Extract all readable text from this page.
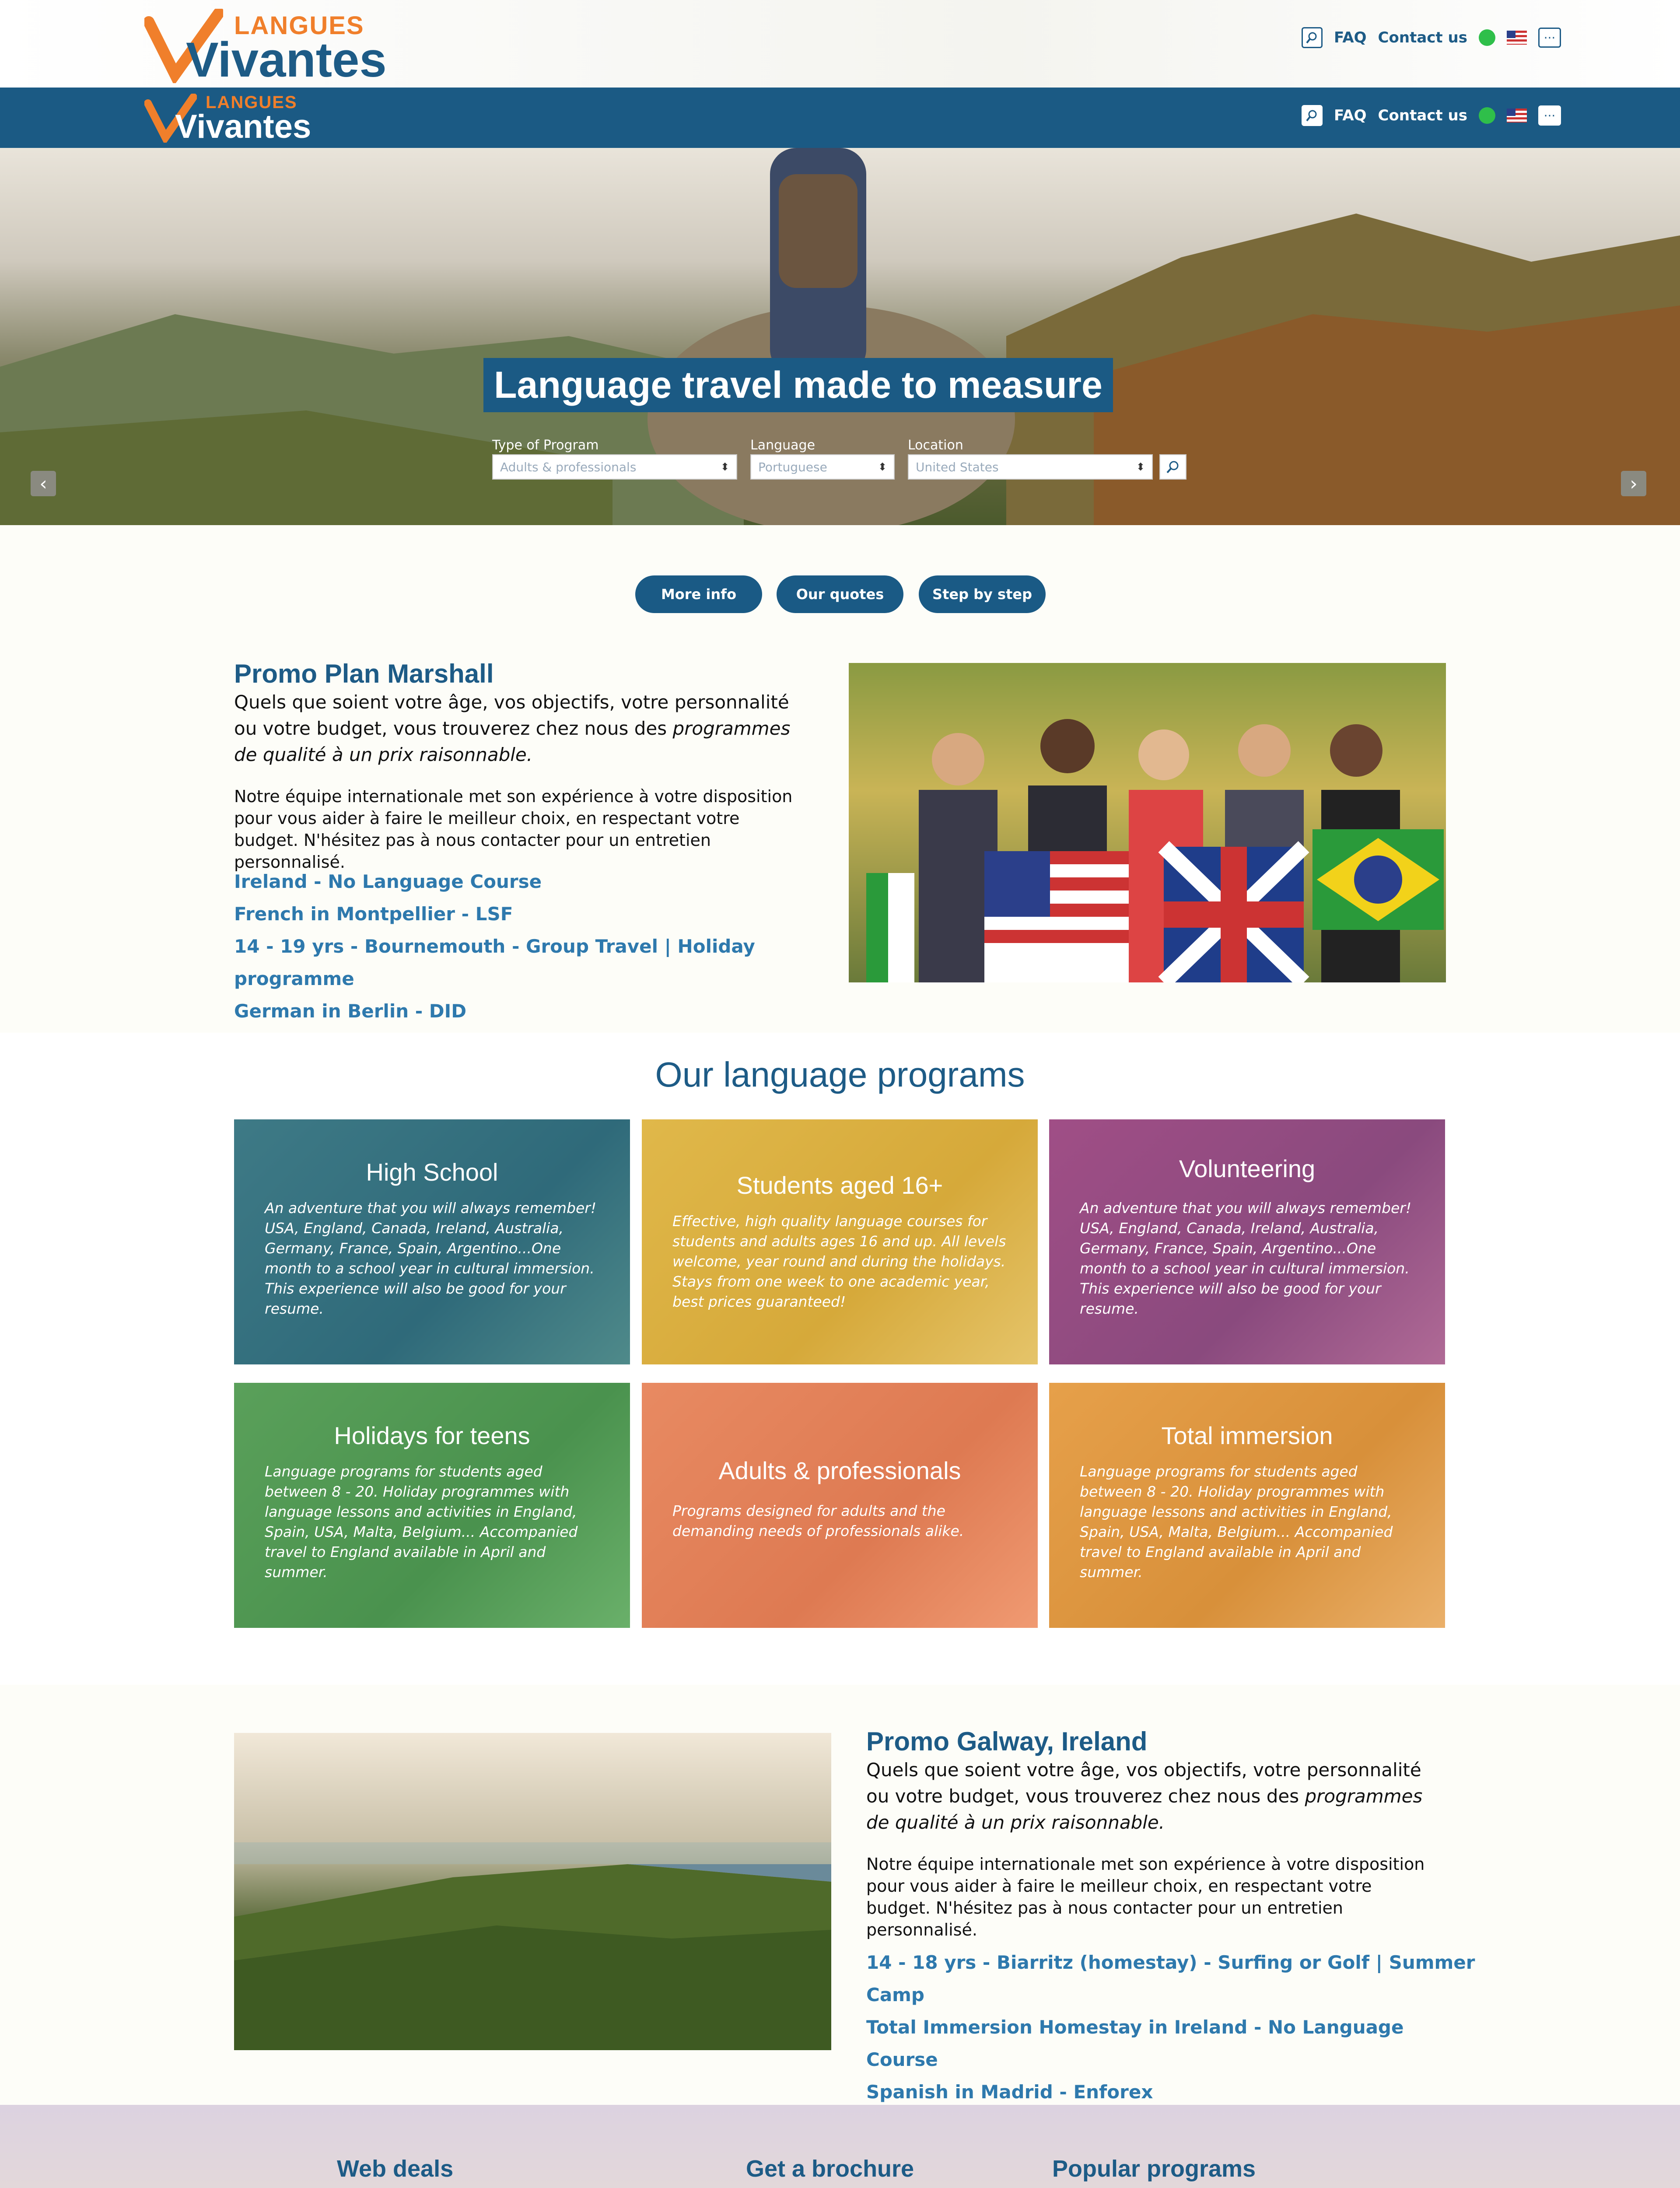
LANGUES
Vivantes	FAQ Contact us	···
LANGUES
Vivantes	FAQ Contact us	···
Language travel made to measure
Type of Program
Adults & professionals	⬍
Language
Portuguese	⬍
Location
United States	⬍
‹	›
More info	Our quotes	Step by step
Promo Plan Marshall
Quels que soient votre âge, vos objectifs, votre personnalité ou votre budget, vous trouverez chez nous des programmes de qualité à un prix raisonnable.
Notre équipe internationale met son expérience à votre disposition pour vous aider à faire le meilleur choix, en respectant votre budget. N'hésitez pas à nous contacter pour un entretien personnalisé.
Ireland - No Language Course
French in Montpellier - LSF
14 - 19 yrs - Bournemouth - Group Travel | Holiday programme
German in Berlin - DID
Our language programs
High School
An adventure that you will always remember! USA, England, Canada, Ireland, Australia, Germany, France, Spain, Argentino...One month to a school year in cultural immersion. This experience will also be good for your resume.
Students aged 16+
Effective, high quality language courses for students and adults ages 16 and up. All levels welcome, year round and during the holidays. Stays from one week to one academic year, best prices guaranteed!
Volunteering
An adventure that you will always remember! USA, England, Canada, Ireland, Australia, Germany, France, Spain, Argentino...One month to a school year in cultural immersion. This experience will also be good for your resume.
Holidays for teens
Language programs for students aged between 8 - 20. Holiday programmes with language lessons and activities in England, Spain, USA, Malta, Belgium... Accompanied travel to England available in April and summer.
Adults & professionals
Programs designed for adults and the demanding needs of professionals alike.
Total immersion
Language programs for students aged between 8 - 20. Holiday programmes with language lessons and activities in England, Spain, USA, Malta, Belgium... Accompanied travel to England available in April and summer.
Promo Galway, Ireland
Quels que soient votre âge, vos objectifs, votre personnalité ou votre budget, vous trouverez chez nous des programmes de qualité à un prix raisonnable.
Notre équipe internationale met son expérience à votre disposition pour vous aider à faire le meilleur choix, en respectant votre budget. N'hésitez pas à nous contacter pour un entretien personnalisé.
14 - 18 yrs - Biarritz (homestay) - Surfing or Golf | Summer Camp
Total Immersion Homestay in Ireland - No Language Course
Spanish in Madrid - Enforex
Web deals	Get a brochure	Popular programs
